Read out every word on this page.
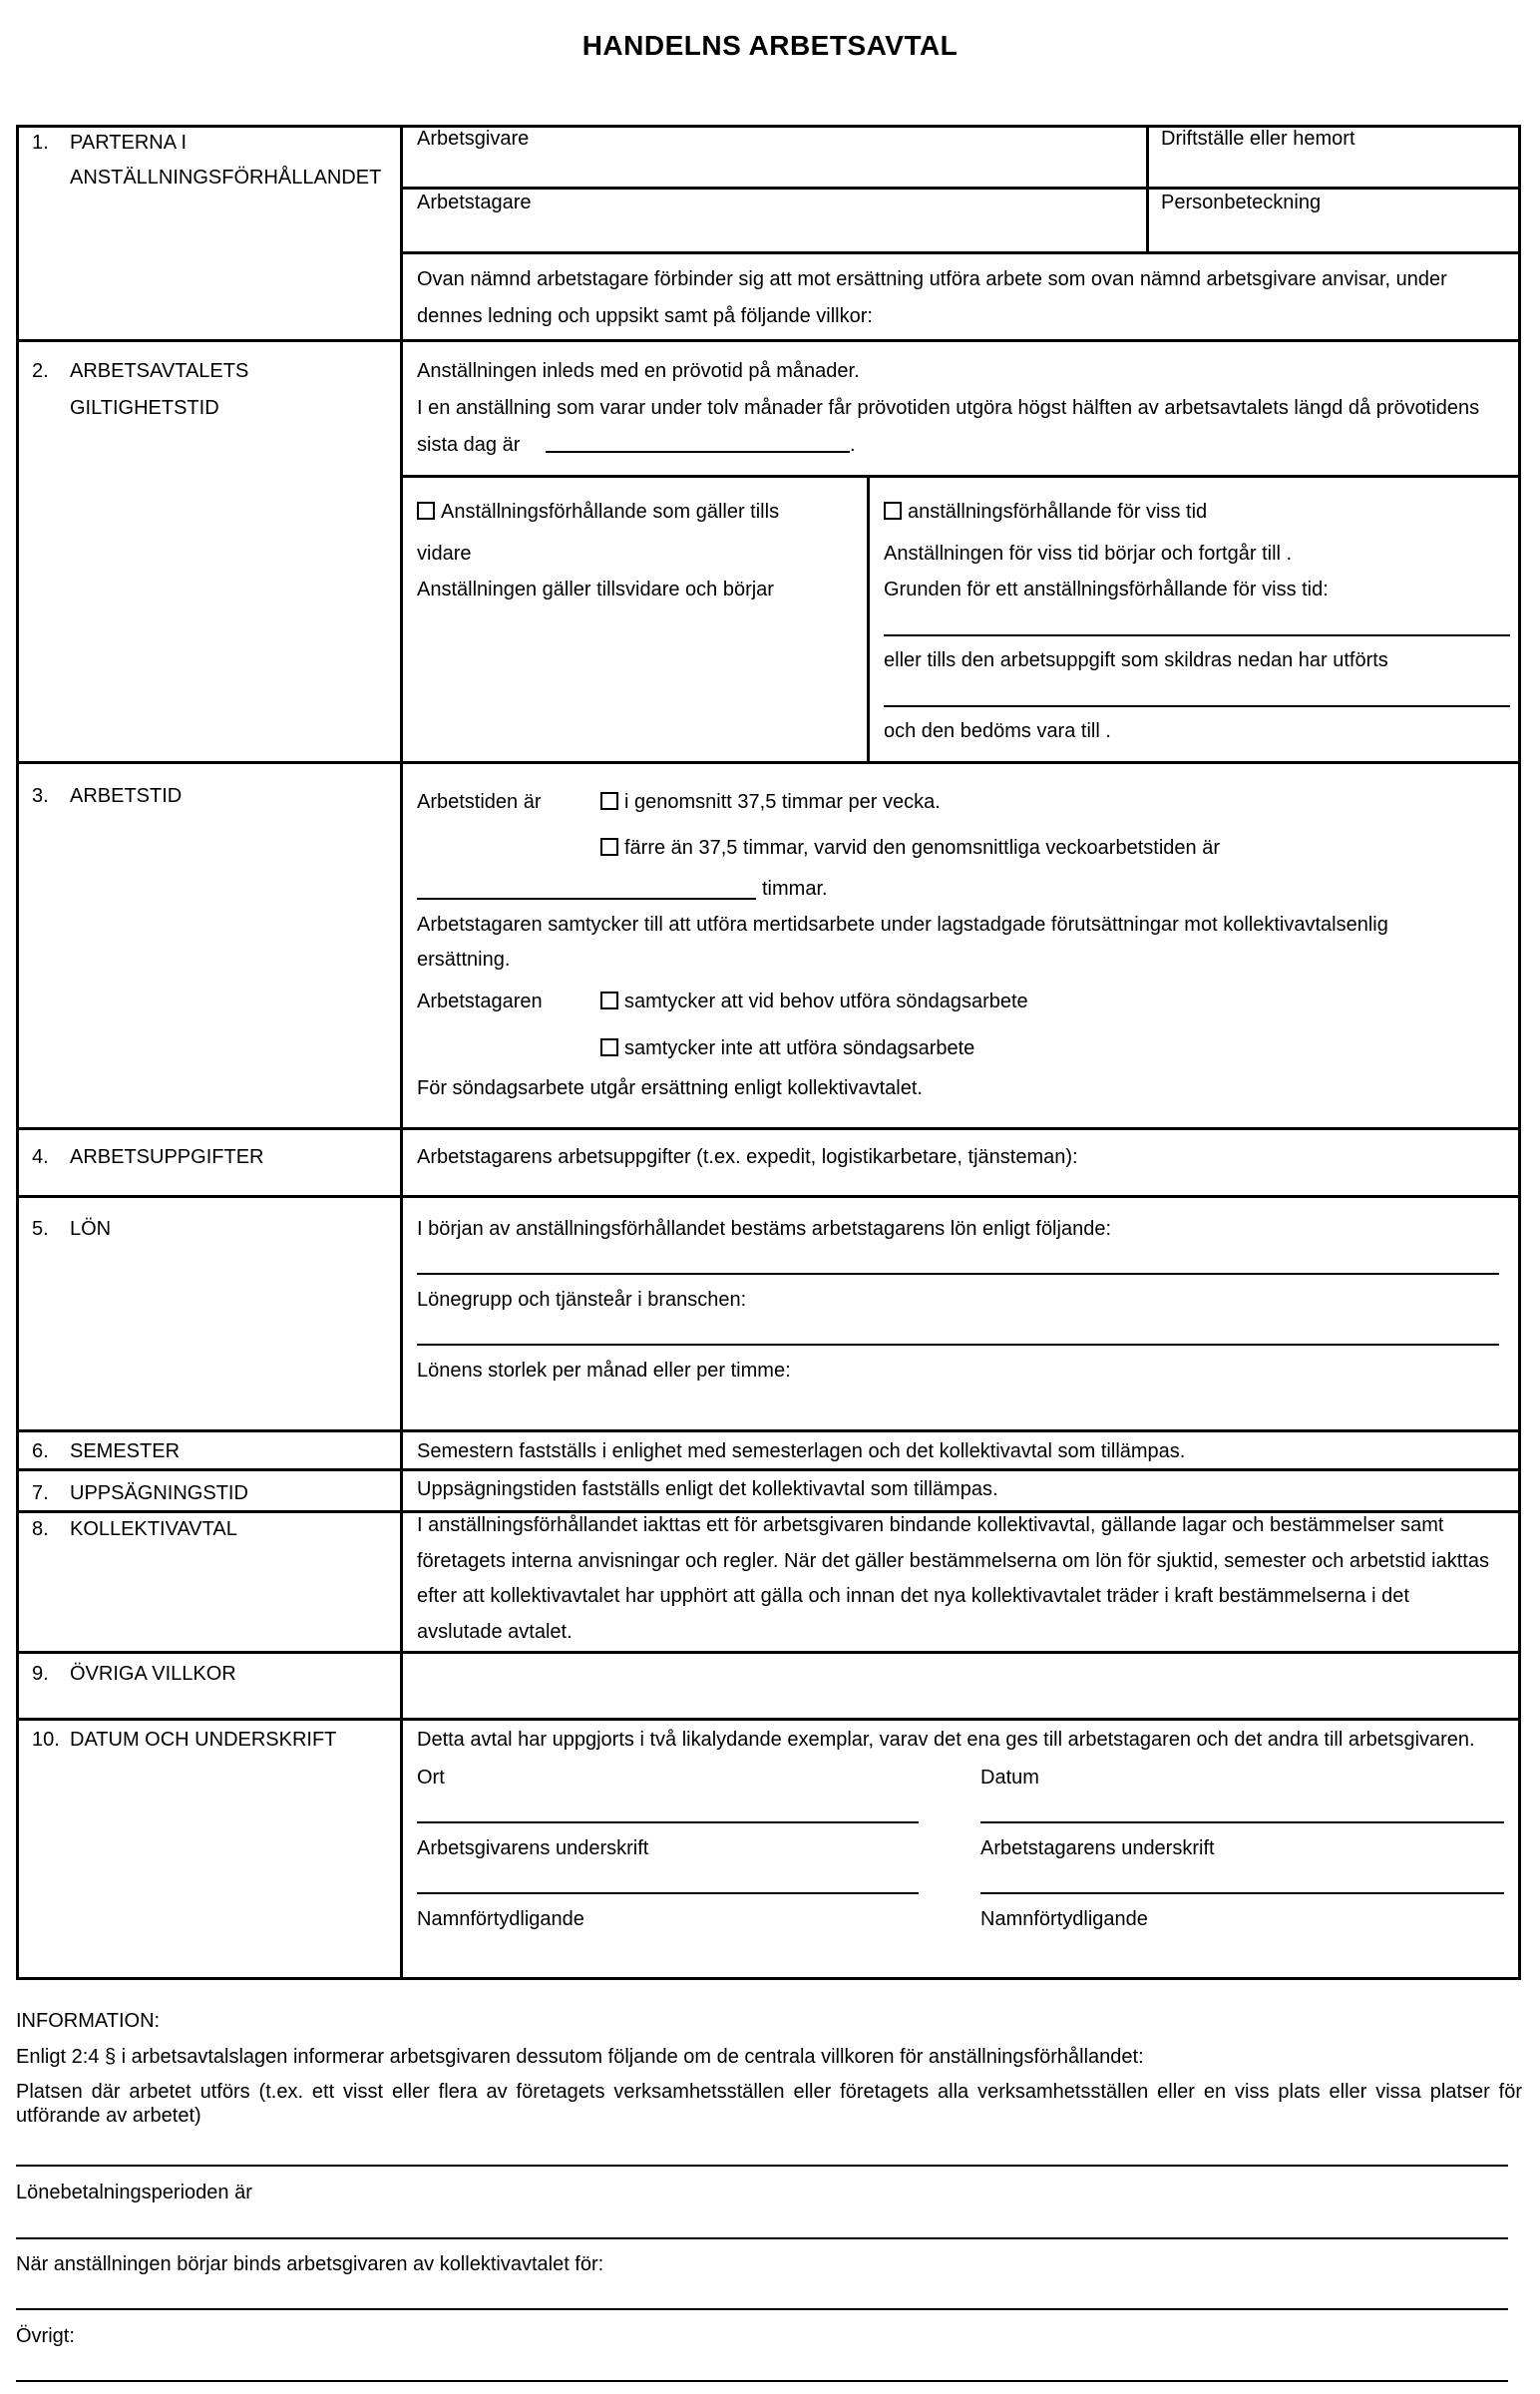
HANDELNS ARBETSAVTAL
1. PARTERNA I
ANSTÄLLNINGSFÖRHÅLLANDET
Arbetsgivare	Driftställe eller hemort
Arbetstagare	Personbeteckning
Ovan nämnd arbetstagare förbinder sig att mot ersättning utföra arbete som ovan nämnd arbetsgivare anvisar, under
dennes ledning och uppsikt samt på följande villkor:
2. ARBETSAVTALETS
GILTIGHETSTID
Anställningen inleds med en prövotid på månader.
I en anställning som varar under tolv månader får prövotiden utgöra högst hälften av arbetsavtalets längd då prövotidens
sista dag är	.
Anställningsförhållande som gäller tills
vidare
Anställningen gäller tillsvidare och börjar
anställningsförhållande för viss tid
Anställningen för viss tid börjar och fortgår till .
Grunden för ett anställningsförhållande för viss tid:
eller tills den arbetsuppgift som skildras nedan har utförts
och den bedöms vara till .
3. ARBETSTID	Arbetstiden är	i genomsnitt 37,5 timmar per vecka.
färre än 37,5 timmar, varvid den genomsnittliga veckoarbetstiden är
timmar.
Arbetstagaren samtycker till att utföra mertidsarbete under lagstadgade förutsättningar mot kollektivavtalsenlig
ersättning.
Arbetstagaren	samtycker att vid behov utföra söndagsarbete
samtycker inte att utföra söndagsarbete
För söndagsarbete utgår ersättning enligt kollektivavtalet.
4. ARBETSUPPGIFTER	Arbetstagarens arbetsuppgifter (t.ex. expedit, logistikarbetare, tjänsteman):
5. LÖN	I början av anställningsförhållandet bestäms arbetstagarens lön enligt följande:
Lönegrupp och tjänsteår i branschen:
Lönens storlek per månad eller per timme:
6. SEMESTER	Semestern fastställs i enlighet med semesterlagen och det kollektivavtal som tillämpas.
7. UPPSÄGNINGSTID	Uppsägningstiden fastställs enligt det kollektivavtal som tillämpas.
8. KOLLEKTIVAVTAL	I anställningsförhållandet iakttas ett för arbetsgivaren bindande kollektivavtal, gällande lagar och bestämmelser samt
företagets interna anvisningar och regler. När det gäller bestämmelserna om lön för sjuktid, semester och arbetstid iakttas
efter att kollektivavtalet har upphört att gälla och innan det nya kollektivavtalet träder i kraft bestämmelserna i det
avslutade avtalet.
9. ÖVRIGA VILLKOR
10. DATUM OCH UNDERSKRIFT	Detta avtal har uppgjorts i två likalydande exemplar, varav det ena ges till arbetstagaren och det andra till arbetsgivaren.
Ort	Datum
Arbetsgivarens underskrift	Arbetstagarens underskrift
Namnförtydligande	Namnförtydligande
INFORMATION:
Enligt 2:4 § i arbetsavtalslagen informerar arbetsgivaren dessutom följande om de centrala villkoren för anställningsförhållandet:
Platsen där arbetet utförs (t.ex. ett visst eller flera av företagets verksamhetsställen eller företagets alla verksamhetsställen eller en viss plats eller vissa platser för utförande av arbetet)
Lönebetalningsperioden är
När anställningen börjar binds arbetsgivaren av kollektivavtalet för:
Övrigt:
